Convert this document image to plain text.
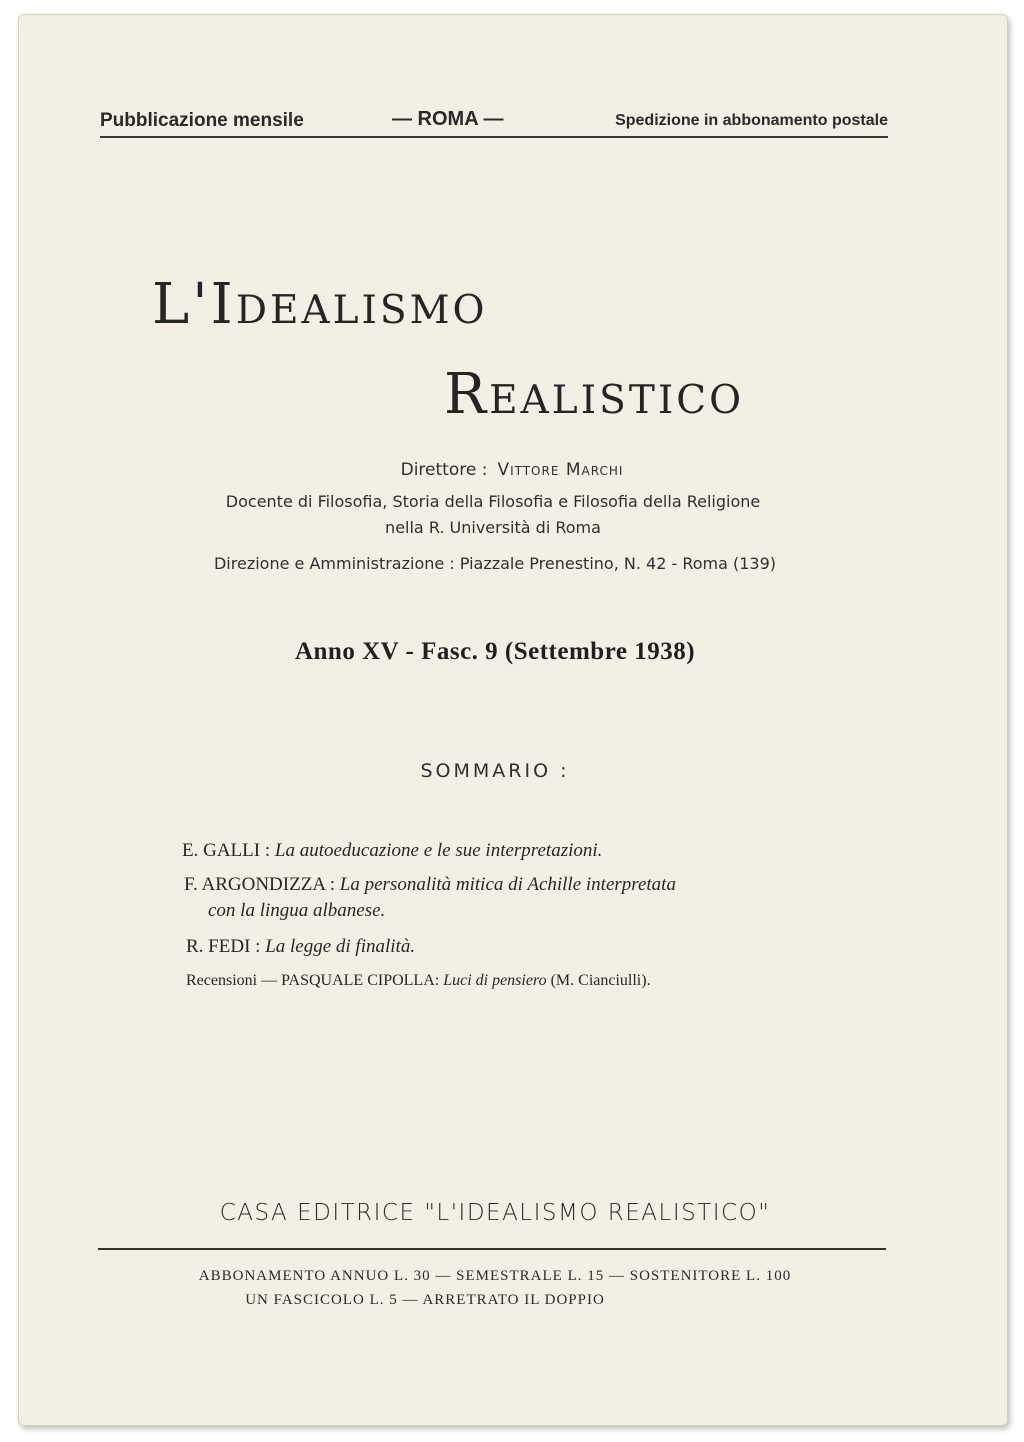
Pubblicazione mensile	— ROMA —	Spedizione in abbonamento postale
L'Idealismo
Realistico
Direttore : Vittore Marchi
Docente di Filosofia, Storia della Filosofia e Filosofia della Religione
nella R. Università di Roma
Direzione e Amministrazione : Piazzale Prenestino, N. 42 - Roma (139)
Anno XV - Fasc. 9 (Settembre 1938)
SOMMARIO :
E. GALLI : La autoeducazione e le sue interpretazioni.
F. ARGONDIZZA : La personalità mitica di Achille interpretata
con la lingua albanese.
R. FEDI : La legge di finalità.
Recensioni — PASQUALE CIPOLLA: Luci di pensiero (M. Cianciulli).
CASA EDITRICE "L'IDEALISMO REALISTICO"
ABBONAMENTO ANNUO L. 30 — SEMESTRALE L. 15 — SOSTENITORE L. 100
UN FASCICOLO L. 5 — ARRETRATO IL DOPPIO
